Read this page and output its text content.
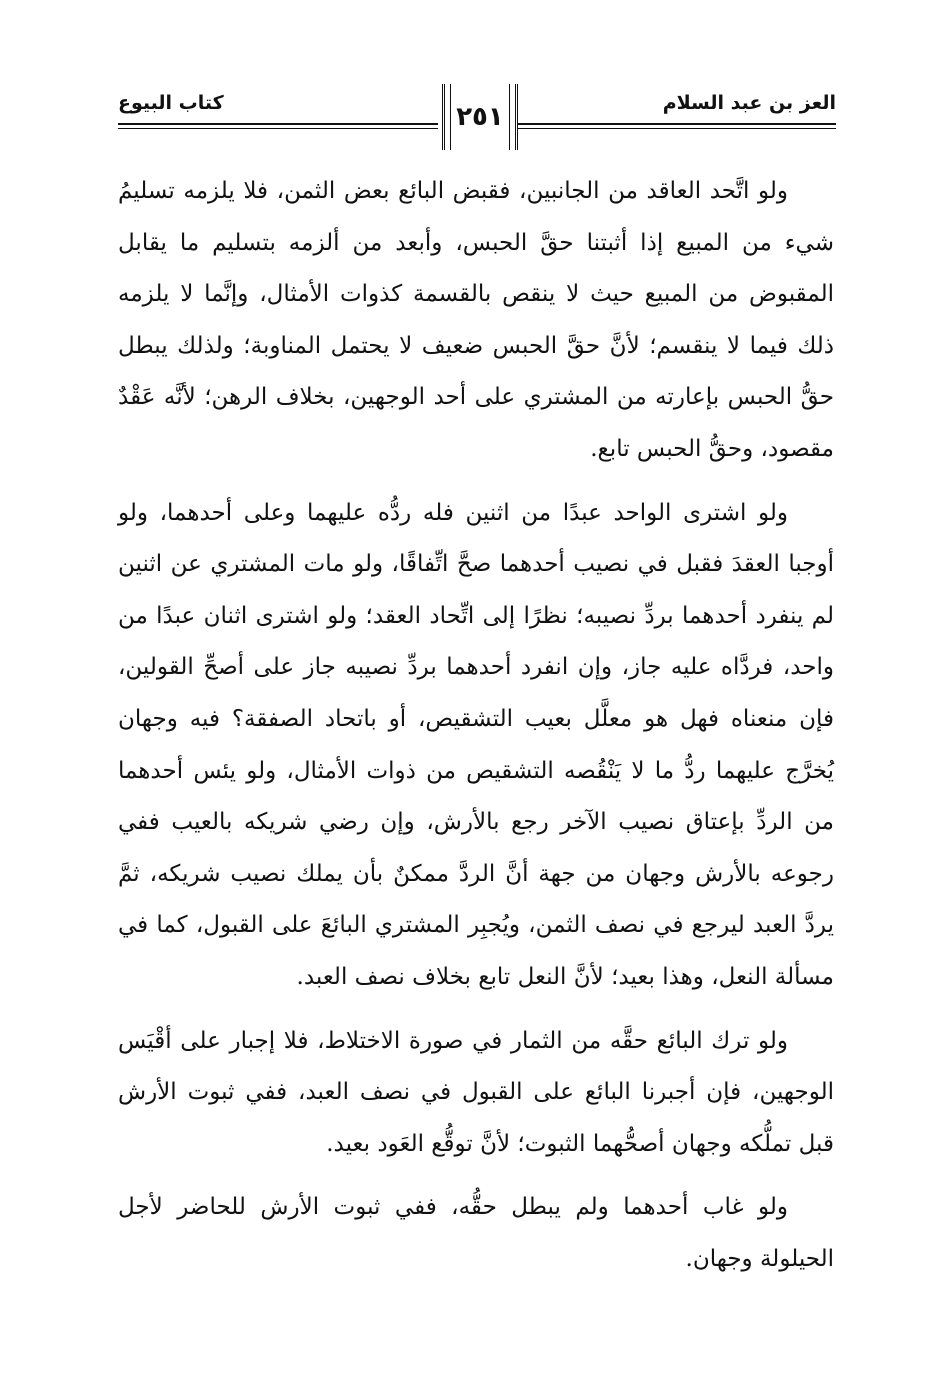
كتاب البيوع	٢٥١	العز بن عبد السلام

ولو اتَّحد العاقد من الجانبين، فقبض البائع بعض الثمن، فلا يلزمه تسليمُ شيء من المبيع إذا أثبتنا حقَّ الحبس، وأبعد من ألزمه بتسليم ما يقابل المقبوض من المبيع حيث لا ينقص بالقسمة كذوات الأمثال، وإنَّما لا يلزمه ذلك فيما لا ينقسم؛ لأنَّ حقَّ الحبس ضعيف لا يحتمل المناوبة؛ ولذلك يبطل حقُّ الحبس بإعارته من المشتري على أحد الوجهين، بخلاف الرهن؛ لأنَّه عَقْدٌ مقصود، وحقُّ الحبس تابع.

ولو اشترى الواحد عبدًا من اثنين فله ردُّه عليهما وعلى أحدهما، ولو أوجبا العقدَ فقبل في نصيب أحدهما صحَّ اتِّفاقًا، ولو مات المشتري عن اثنين لم ينفرد أحدهما بردِّ نصيبه؛ نظرًا إلى اتِّحاد العقد؛ ولو اشترى اثنان عبدًا من واحد، فردَّاه عليه جاز، وإن انفرد أحدهما بردِّ نصيبه جاز على أصحِّ القولين، فإن منعناه فهل هو معلَّل بعيب التشقيص، أو باتحاد الصفقة؟ فيه وجهان يُخرَّج عليهما ردُّ ما لا يَنْقُصه التشقيص من ذوات الأمثال، ولو يئس أحدهما من الردِّ بإعتاق نصيب الآخر رجع بالأرش، وإن رضي شريكه بالعيب ففي رجوعه بالأرش وجهان من جهة أنَّ الردَّ ممكنٌ بأن يملك نصيب شريكه، ثمَّ يردَّ العبد ليرجع في نصف الثمن، ويُجبِر المشتري البائعَ على القبول، كما في مسألة النعل، وهذا بعيد؛ لأنَّ النعل تابع بخلاف نصف العبد.

ولو ترك البائع حقَّه من الثمار في صورة الاختلاط، فلا إجبار على أقْيَس الوجهين، فإن أجبرنا البائع على القبول في نصف العبد، ففي ثبوت الأرش قبل تملُّكه وجهان أصحُّهما الثبوت؛ لأنَّ توقُّع العَود بعيد.

ولو غاب أحدهما ولم يبطل حقُّه، ففي ثبوت الأرش للحاضر لأجل الحيلولة وجهان.
